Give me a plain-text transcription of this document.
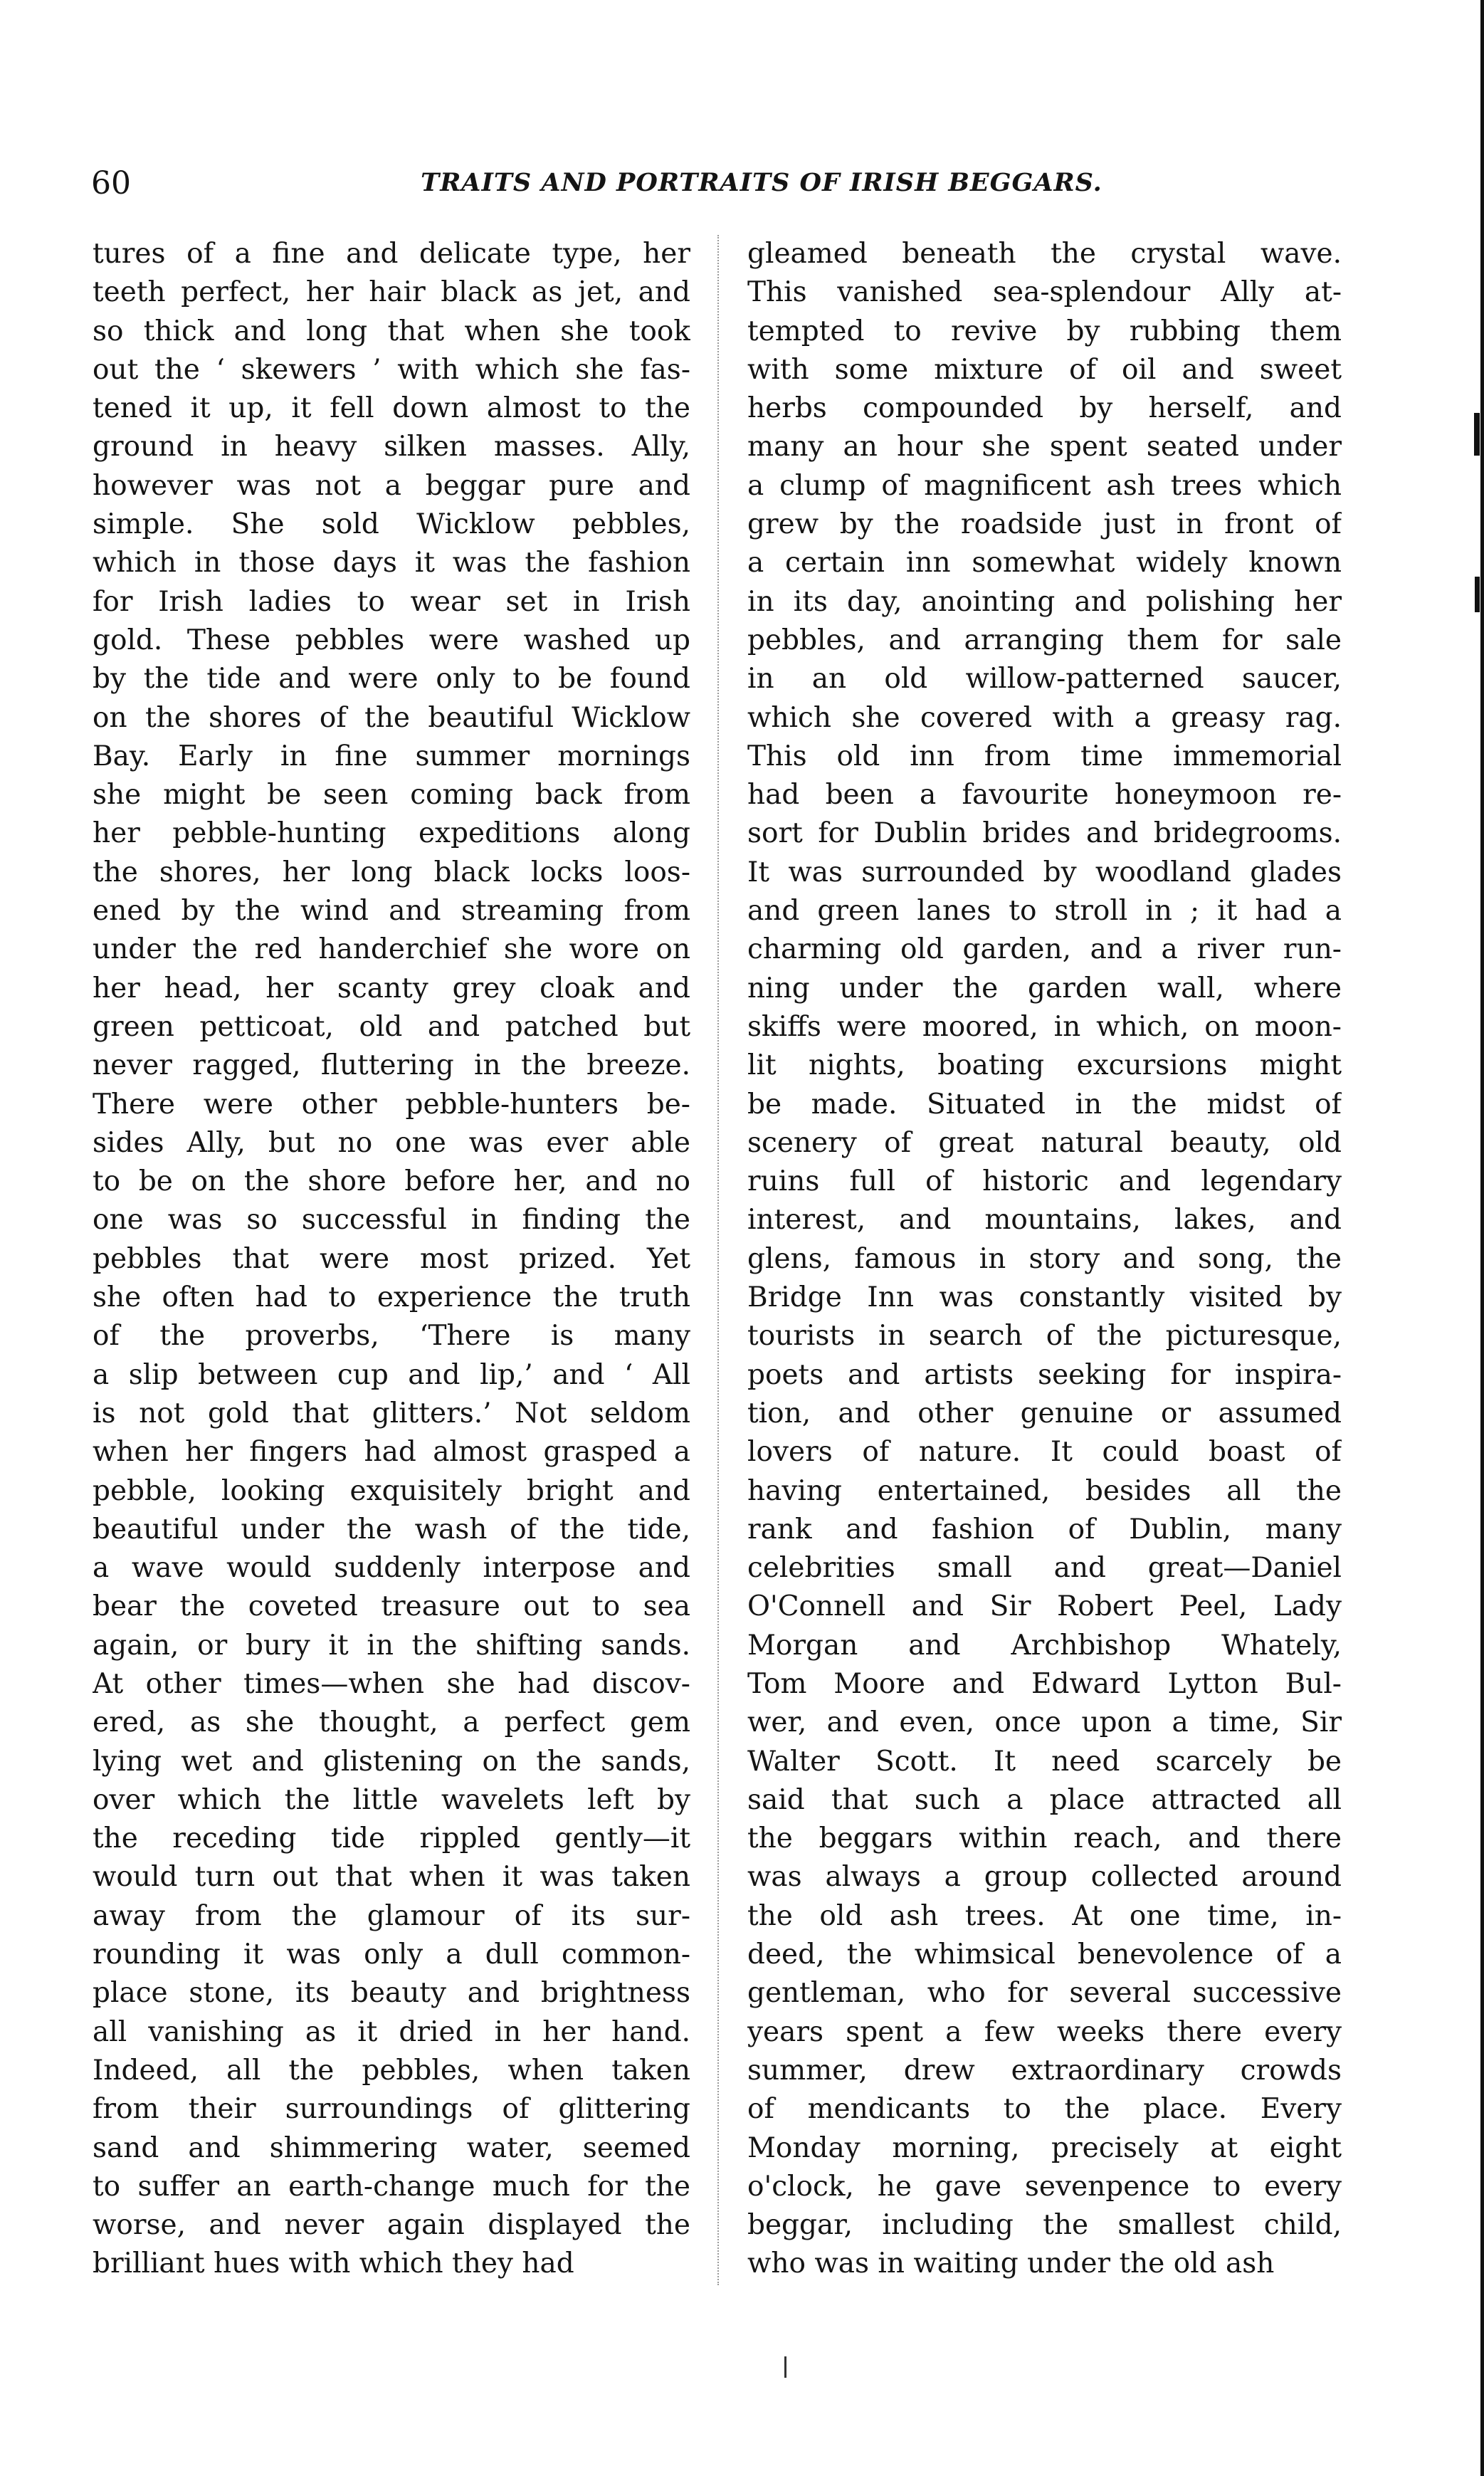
60	TRAITS AND PORTRAITS OF IRISH BEGGARS.
tures of a fine and delicate type, her
teeth perfect, her hair black as jet, and
so thick and long that when she took
out the ‘ skewers ’ with which she fas-
tened it up, it fell down almost to the
ground in heavy silken masses. Ally,
however was not a beggar pure and
simple. She sold Wicklow pebbles,
which in those days it was the fashion
for Irish ladies to wear set in Irish
gold. These pebbles were washed up
by the tide and were only to be found
on the shores of the beautiful Wicklow
Bay. Early in fine summer mornings
she might be seen coming back from
her pebble-hunting expeditions along
the shores, her long black locks loos-
ened by the wind and streaming from
under the red handerchief she wore on
her head, her scanty grey cloak and
green petticoat, old and patched but
never ragged, fluttering in the breeze.
There were other pebble-hunters be-
sides Ally, but no one was ever able
to be on the shore before her, and no
one was so successful in finding the
pebbles that were most prized. Yet
she often had to experience the truth
of the proverbs, ‘There is many
a slip between cup and lip,’ and ‘ All
is not gold that glitters.’ Not seldom
when her fingers had almost grasped a
pebble, looking exquisitely bright and
beautiful under the wash of the tide,
a wave would suddenly interpose and
bear the coveted treasure out to sea
again, or bury it in the shifting sands.
At other times—when she had discov-
ered, as she thought, a perfect gem
lying wet and glistening on the sands,
over which the little wavelets left by
the receding tide rippled gently—it
would turn out that when it was taken
away from the glamour of its sur-
rounding it was only a dull common-
place stone, its beauty and brightness
all vanishing as it dried in her hand.
Indeed, all the pebbles, when taken
from their surroundings of glittering
sand and shimmering water, seemed
to suffer an earth-change much for the
worse, and never again displayed the
brilliant hues with which they had
gleamed beneath the crystal wave.
This vanished sea-splendour Ally at-
tempted to revive by rubbing them
with some mixture of oil and sweet
herbs compounded by herself, and
many an hour she spent seated under
a clump of magnificent ash trees which
grew by the roadside just in front of
a certain inn somewhat widely known
in its day, anointing and polishing her
pebbles, and arranging them for sale
in an old willow-patterned saucer,
which she covered with a greasy rag.
This old inn from time immemorial
had been a favourite honeymoon re-
sort for Dublin brides and bridegrooms.
It was surrounded by woodland glades
and green lanes to stroll in ; it had a
charming old garden, and a river run-
ning under the garden wall, where
skiffs were moored, in which, on moon-
lit nights, boating excursions might
be made. Situated in the midst of
scenery of great natural beauty, old
ruins full of historic and legendary
interest, and mountains, lakes, and
glens, famous in story and song, the
Bridge Inn was constantly visited by
tourists in search of the picturesque,
poets and artists seeking for inspira-
tion, and other genuine or assumed
lovers of nature. It could boast of
having entertained, besides all the
rank and fashion of Dublin, many
celebrities small and great—Daniel
O'Connell and Sir Robert Peel, Lady
Morgan and Archbishop Whately,
Tom Moore and Edward Lytton Bul-
wer, and even, once upon a time, Sir
Walter Scott. It need scarcely be
said that such a place attracted all
the beggars within reach, and there
was always a group collected around
the old ash trees. At one time, in-
deed, the whimsical benevolence of a
gentleman, who for several successive
years spent a few weeks there every
summer, drew extraordinary crowds
of mendicants to the place. Every
Monday morning, precisely at eight
o'clock, he gave sevenpence to every
beggar, including the smallest child,
who was in waiting under the old ash
